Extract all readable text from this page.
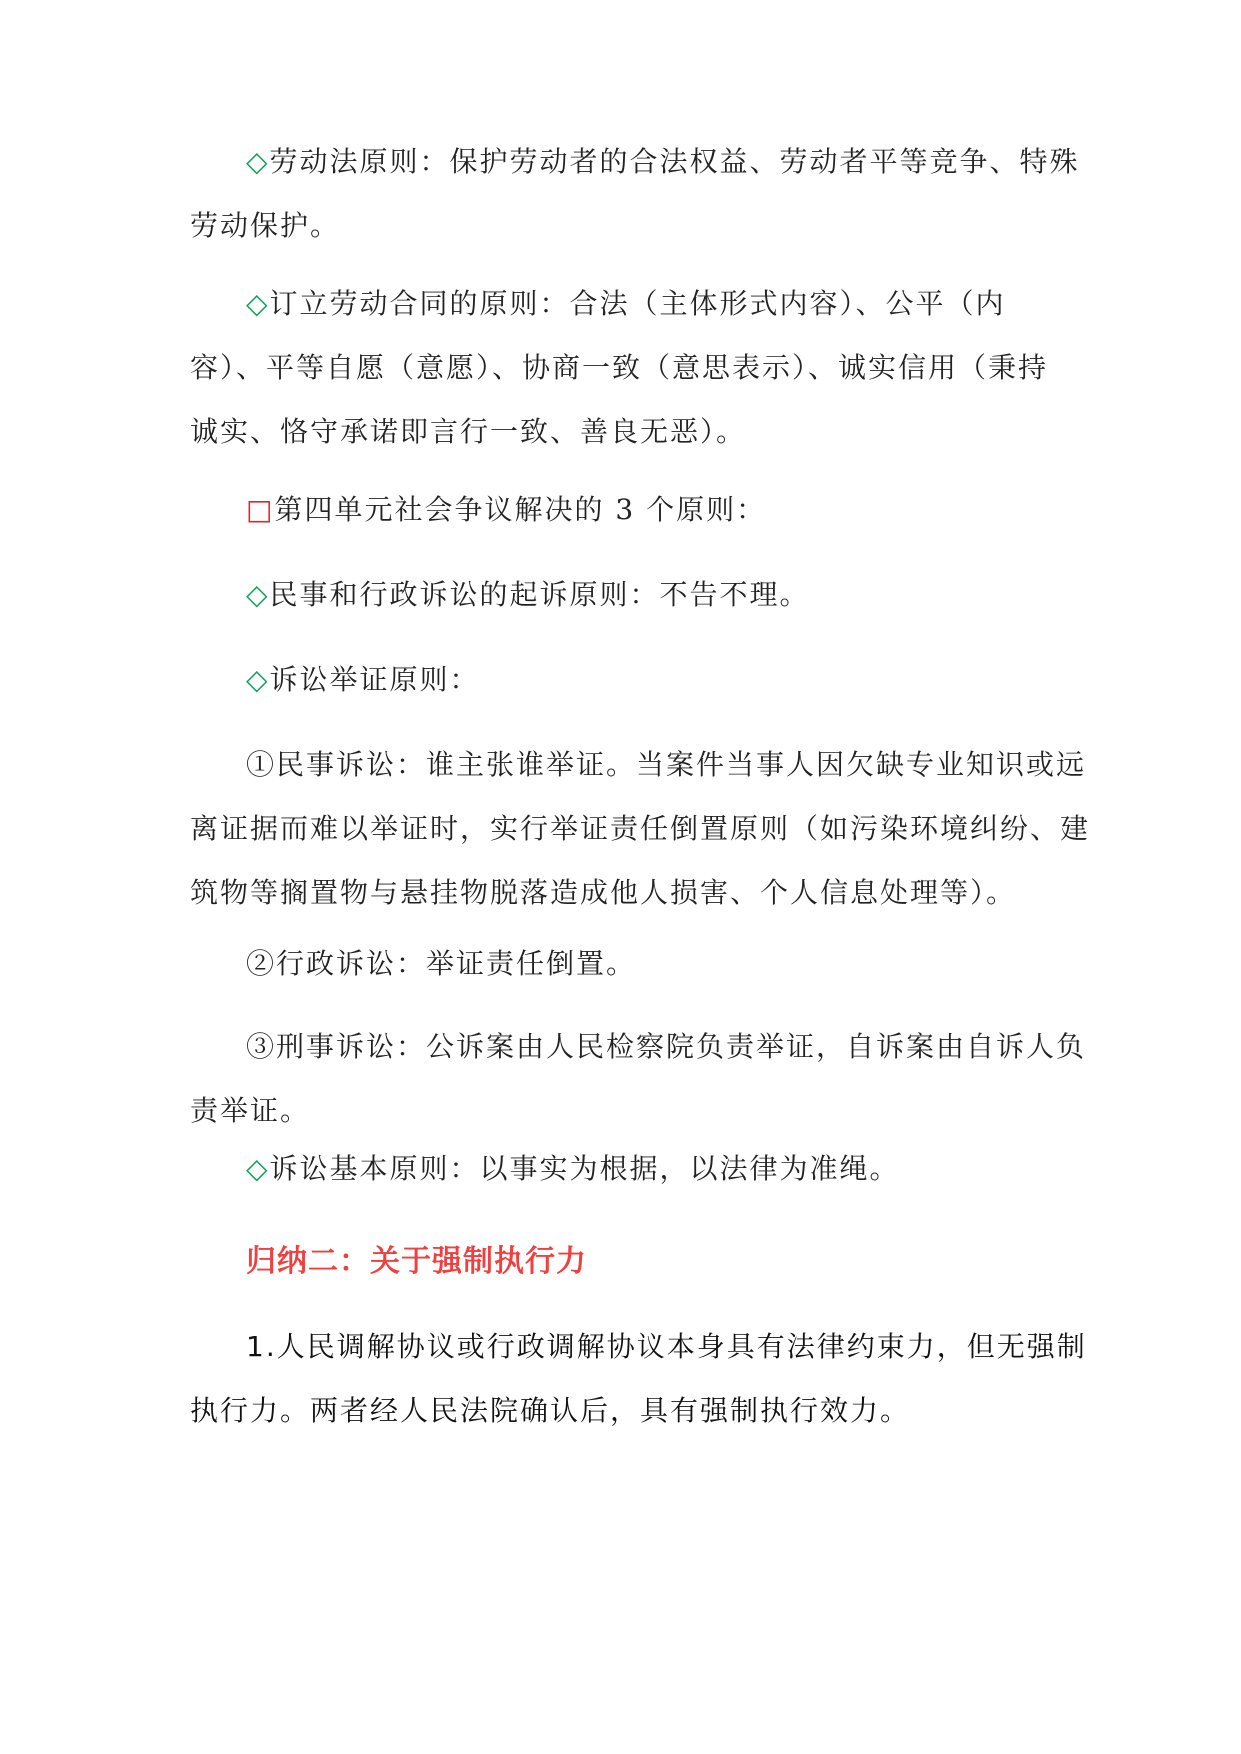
◇劳动法原则：保护劳动者的合法权益、劳动者平等竞争、特殊
劳动保护。
◇订立劳动合同的原则：合法（主体形式内容）、公平（内
容）、平等自愿（意愿）、协商一致（意思表示）、诚实信用（秉持
诚实、恪守承诺即言行一致、善良无恶）。
□第四单元社会争议解决的 3 个原则：
◇民事和行政诉讼的起诉原则：不告不理。
◇诉讼举证原则：
①民事诉讼：谁主张谁举证。当案件当事人因欠缺专业知识或远
离证据而难以举证时，实行举证责任倒置原则（如污染环境纠纷、建
筑物等搁置物与悬挂物脱落造成他人损害、个人信息处理等）。
②行政诉讼：举证责任倒置。
③刑事诉讼：公诉案由人民检察院负责举证，自诉案由自诉人负
责举证。
◇诉讼基本原则：以事实为根据，以法律为准绳。
归纳二：关于强制执行力
1.人民调解协议或行政调解协议本身具有法律约束力，但无强制
执行力。两者经人民法院确认后，具有强制执行效力。
